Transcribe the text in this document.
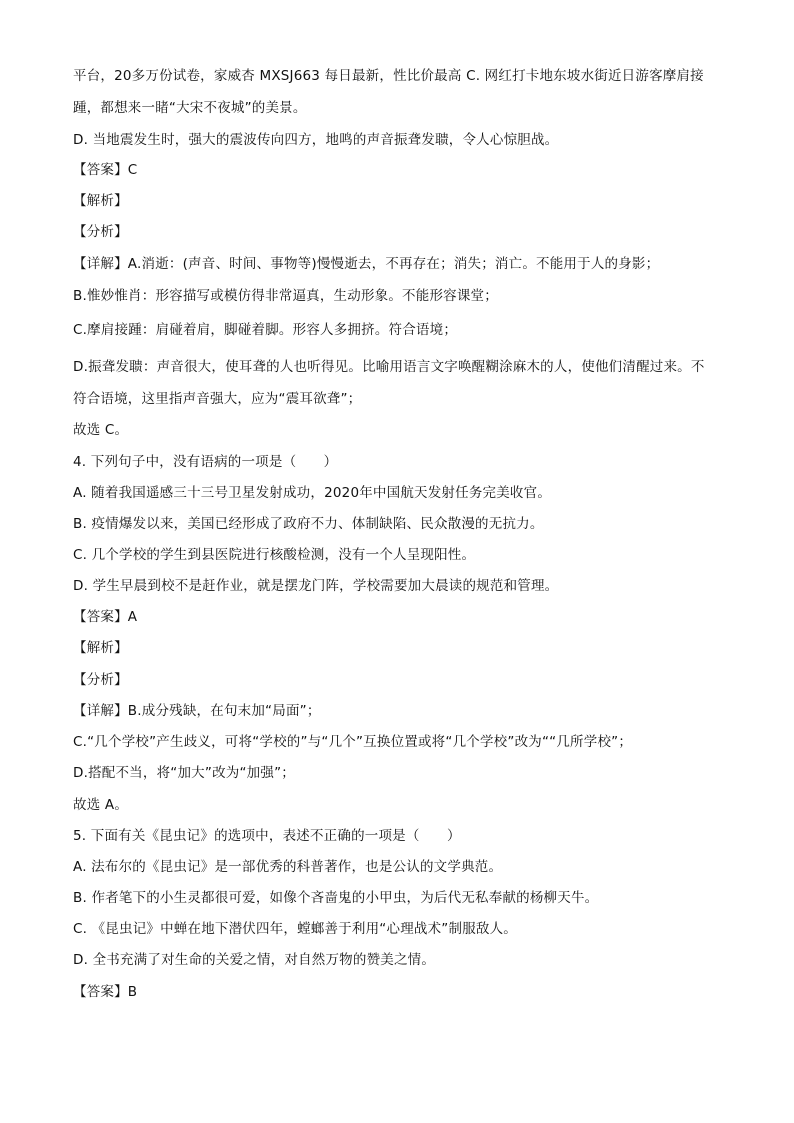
平台，20多万份试卷，家威杏 MXSJ663 每日最新，性比价最高 C. 网红打卡地东坡水街近日游客摩肩接
踵，都想来一睹“大宋不夜城”的美景。
D. 当地震发生时，强大的震波传向四方，地鸣的声音振聋发聩，令人心惊胆战。
【答案】C
【解析】
【分析】
【详解】A.消逝：(声音、时间、事物等)慢慢逝去，不再存在；消失；消亡。不能用于人的身影；
B.惟妙惟肖：形容描写或模仿得非常逼真，生动形象。不能形容课堂；
C.摩肩接踵：肩碰着肩，脚碰着脚。形容人多拥挤。符合语境；
D.振聋发聩：声音很大，使耳聋的人也听得见。比喻用语言文字唤醒糊涂麻木的人，使他们清醒过来。不
符合语境，这里指声音强大，应为“震耳欲聋”；
故选 C。
4. 下列句子中，没有语病的一项是（　　）
A. 随着我国遥感三十三号卫星发射成功，2020年中国航天发射任务完美收官。
B. 疫情爆发以来，美国已经形成了政府不力、体制缺陷、民众散漫的无抗力。
C. 几个学校的学生到县医院进行核酸检测，没有一个人呈现阳性。
D. 学生早晨到校不是赶作业，就是摆龙门阵，学校需要加大晨读的规范和管理。
【答案】A
【解析】
【分析】
【详解】B.成分残缺，在句末加“局面”；
C.“几个学校”产生歧义，可将“学校的”与“几个”互换位置或将“几个学校”改为““几所学校”；
D.搭配不当，将“加大”改为“加强”；
故选 A。
5. 下面有关《昆虫记》的选项中，表述不正确的一项是（　　）
A. 法布尔的《昆虫记》是一部优秀的科普著作，也是公认的文学典范。
B. 作者笔下的小生灵都很可爱，如像个吝啬鬼的小甲虫，为后代无私奉献的杨柳天牛。
C. 《昆虫记》中蝉在地下潜伏四年，螳螂善于利用“心理战术”制服敌人。
D. 全书充满了对生命的关爱之情，对自然万物的赞美之情。
【答案】B
